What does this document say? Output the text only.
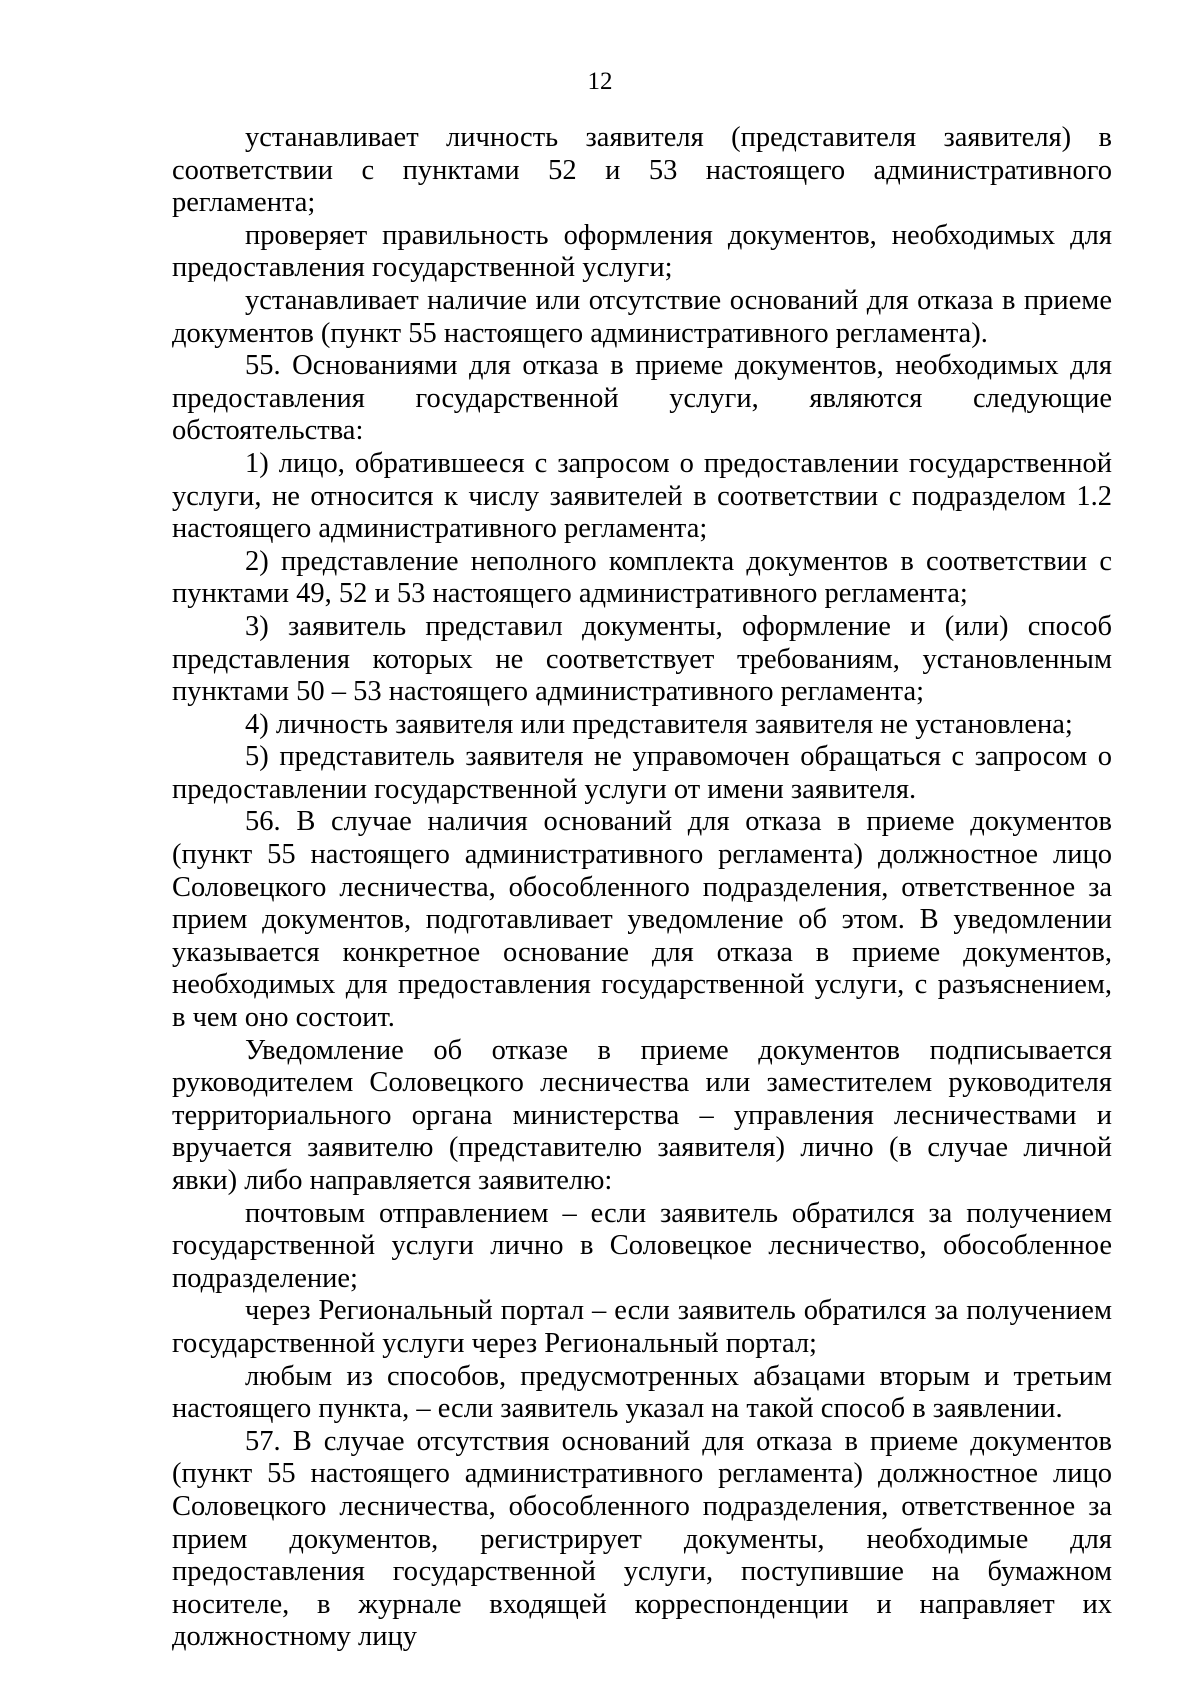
12

устанавливает личность заявителя (представителя заявителя) в соответствии с пунктами 52 и 53 настоящего административного регламента;

проверяет правильность оформления документов, необходимых для предоставления государственной услуги;

устанавливает наличие или отсутствие оснований для отказа в приеме документов (пункт 55 настоящего административного регламента).

55. Основаниями для отказа в приеме документов, необходимых для предоставления государственной услуги, являются следующие обстоятельства:

1) лицо, обратившееся с запросом о предоставлении государственной услуги, не относится к числу заявителей в соответствии с подразделом 1.2 настоящего административного регламента;

2) представление неполного комплекта документов в соответствии с пунктами 49, 52 и 53 настоящего административного регламента;

3) заявитель представил документы, оформление и (или) способ представления которых не соответствует требованиям, установленным пунктами 50 – 53 настоящего административного регламента;

4) личность заявителя или представителя заявителя не установлена;

5) представитель заявителя не управомочен обращаться с запросом о предоставлении государственной услуги от имени заявителя.

56. В случае наличия оснований для отказа в приеме документов (пункт 55 настоящего административного регламента) должностное лицо Соловецкого лесничества, обособленного подразделения, ответственное за прием документов, подготавливает уведомление об этом. В уведомлении указывается конкретное основание для отказа в приеме документов, необходимых для предоставления государственной услуги, с разъяснением, в чем оно состоит.

Уведомление об отказе в приеме документов подписывается руководителем Соловецкого лесничества или заместителем руководителя территориального органа министерства – управления лесничествами и вручается заявителю (представителю заявителя) лично (в случае личной явки) либо направляется заявителю:

почтовым отправлением – если заявитель обратился за получением государственной услуги лично в Соловецкое лесничество, обособленное подразделение;

через Региональный портал – если заявитель обратился за получением государственной услуги через Региональный портал;

любым из способов, предусмотренных абзацами вторым и третьим настоящего пункта, – если заявитель указал на такой способ в заявлении.

57. В случае отсутствия оснований для отказа в приеме документов (пункт 55 настоящего административного регламента) должностное лицо Соловецкого лесничества, обособленного подразделения, ответственное за прием документов, регистрирует документы, необходимые для предоставления государственной услуги, поступившие на бумажном носителе, в журнале входящей корреспонденции и направляет их должностному лицу
